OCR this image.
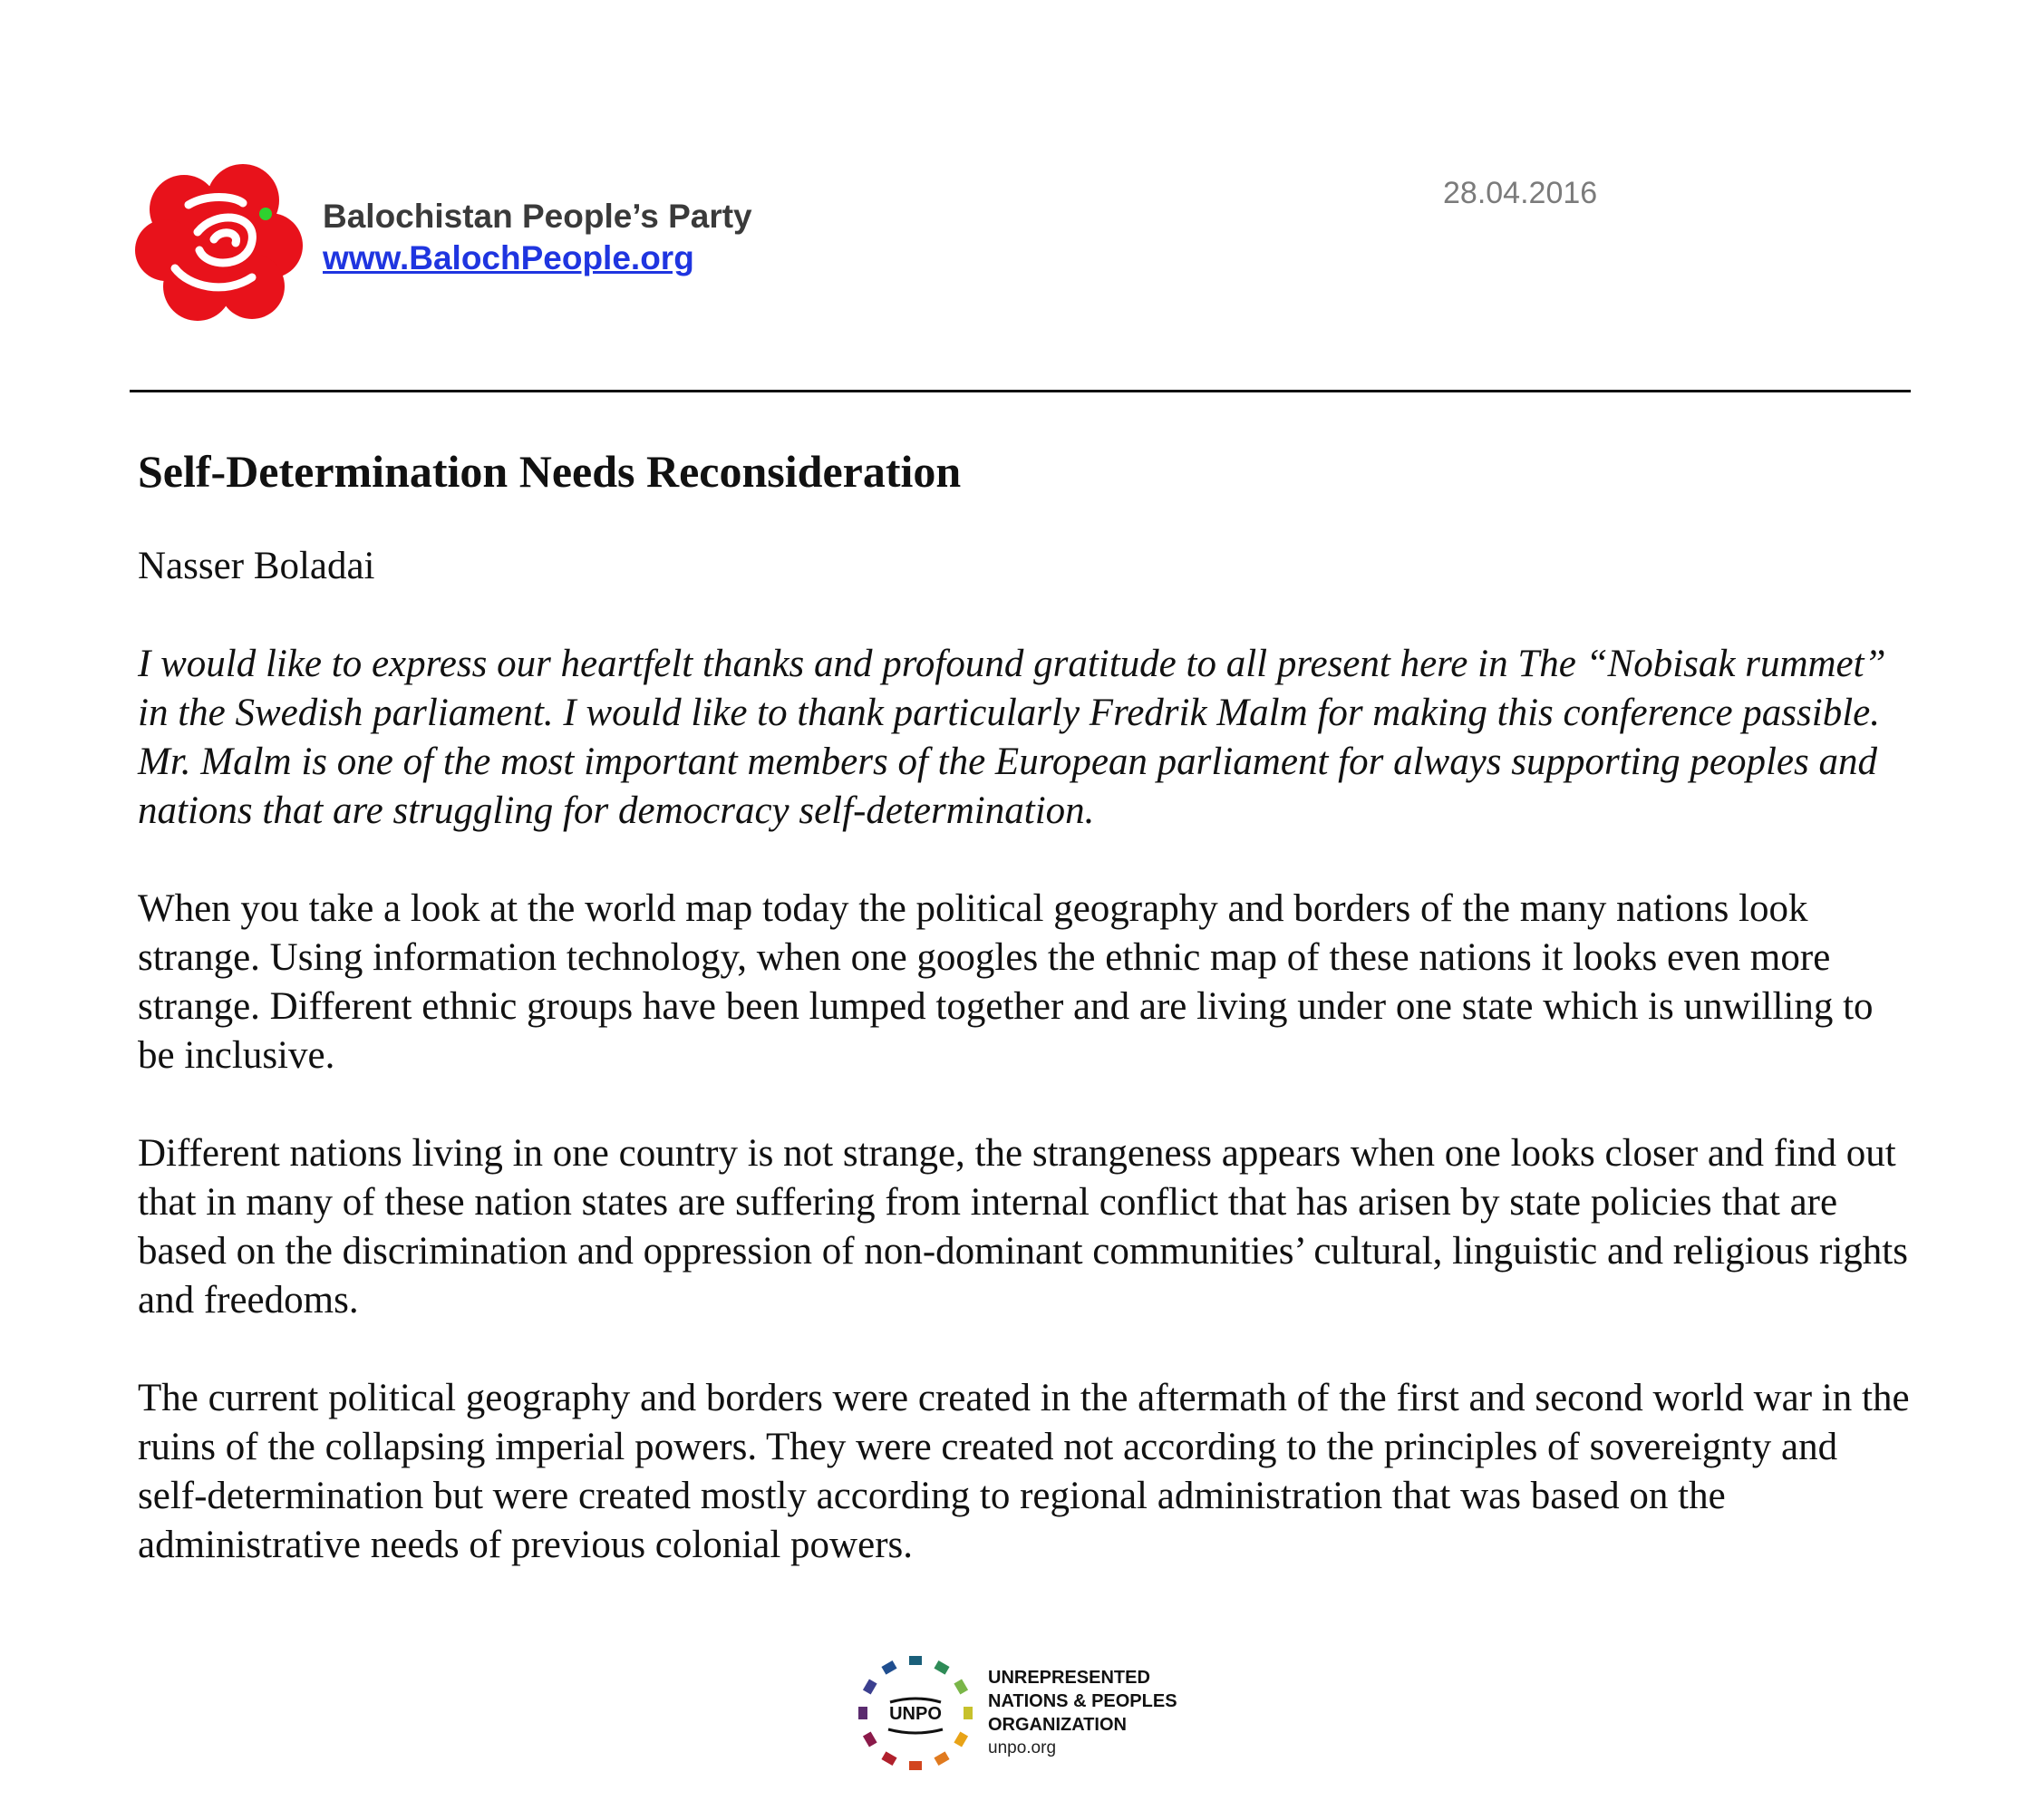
Balochistan People’s Party
www.BalochPeople.org
28.04.2016
Self-Determination Needs Reconsideration
Nasser Boladai

I would like to express our heartfelt thanks and profound gratitude to all present here in The “Nobisak rummet” in the Swedish parliament. I would like to thank particularly Fredrik Malm for making this conference passible. Mr. Malm is one of the most important members of the European parliament for always supporting peoples and nations that are struggling for democracy self-determination.

When you take a look at the world map today the political geography and borders of the many nations look strange. Using information technology, when one googles the ethnic map of these nations it looks even more strange. Different ethnic groups have been lumped together and are living under one state which is unwilling to be inclusive.

Different nations living in one country is not strange, the strangeness appears when one looks closer and find out that in many of these nation states are suffering from internal conflict that has arisen by state policies that are based on the discrimination and oppression of non-dominant communities’ cultural, linguistic and religious rights and freedoms.

The current political geography and borders were created in the aftermath of the first and second world war in the ruins of the collapsing imperial powers. They were created not according to the principles of sovereignty and self-determination but were created mostly according to regional administration that was based on the administrative needs of previous colonial powers.

UNPO
UNREPRESENTED
NATIONS & PEOPLES
ORGANIZATION
unpo.org
